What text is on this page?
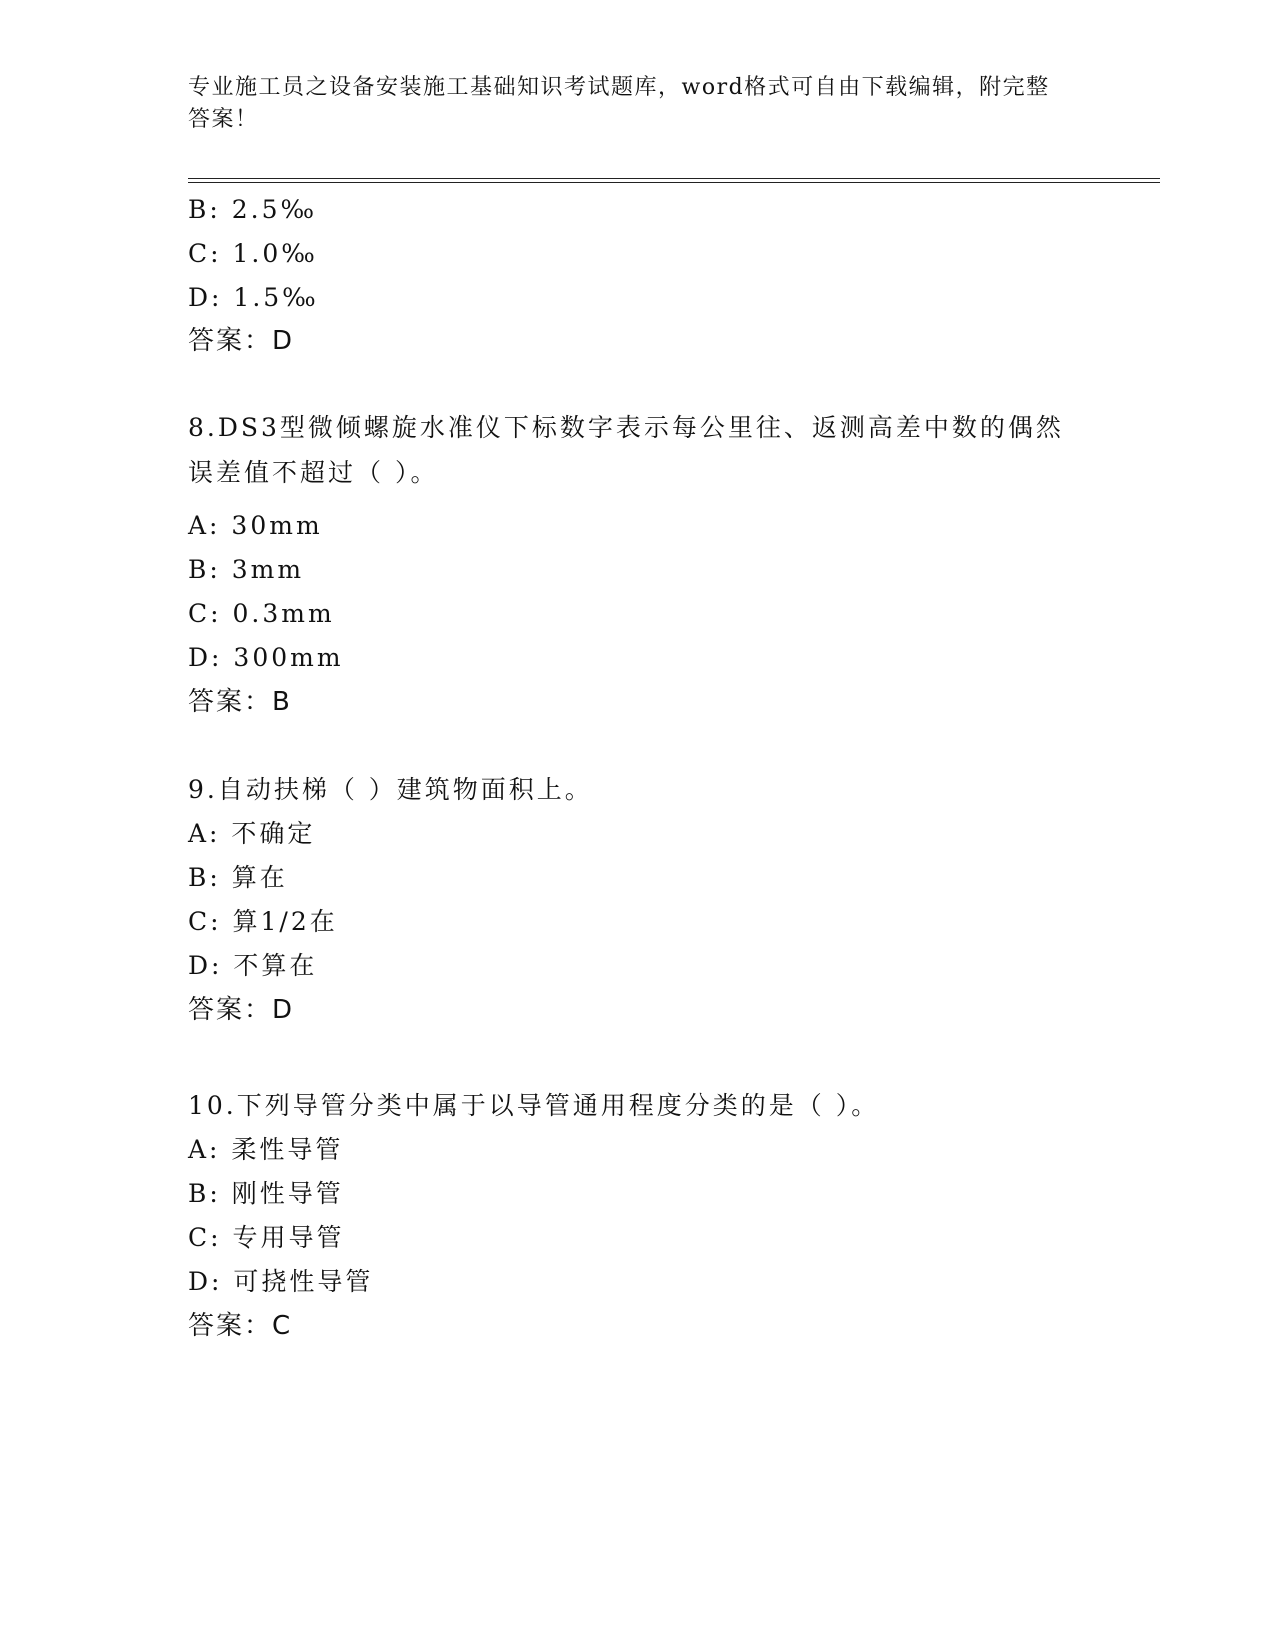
专业施工员之设备安装施工基础知识考试题库，word格式可自由下载编辑，附完整答案！
B: 2.5‰
C: 1.0‰
D: 1.5‰
答案：D
8.DS3型微倾螺旋水准仪下标数字表示每公里往、返测高差中数的偶然误差值不超过（ ）。
A: 30mm
B: 3mm
C: 0.3mm
D: 300mm
答案：B
9.自动扶梯（ ）建筑物面积上。
A: 不确定
B: 算在
C: 算1/2在
D: 不算在
答案：D
10.下列导管分类中属于以导管通用程度分类的是（ ）。
A: 柔性导管
B: 刚性导管
C: 专用导管
D: 可挠性导管
答案：C
